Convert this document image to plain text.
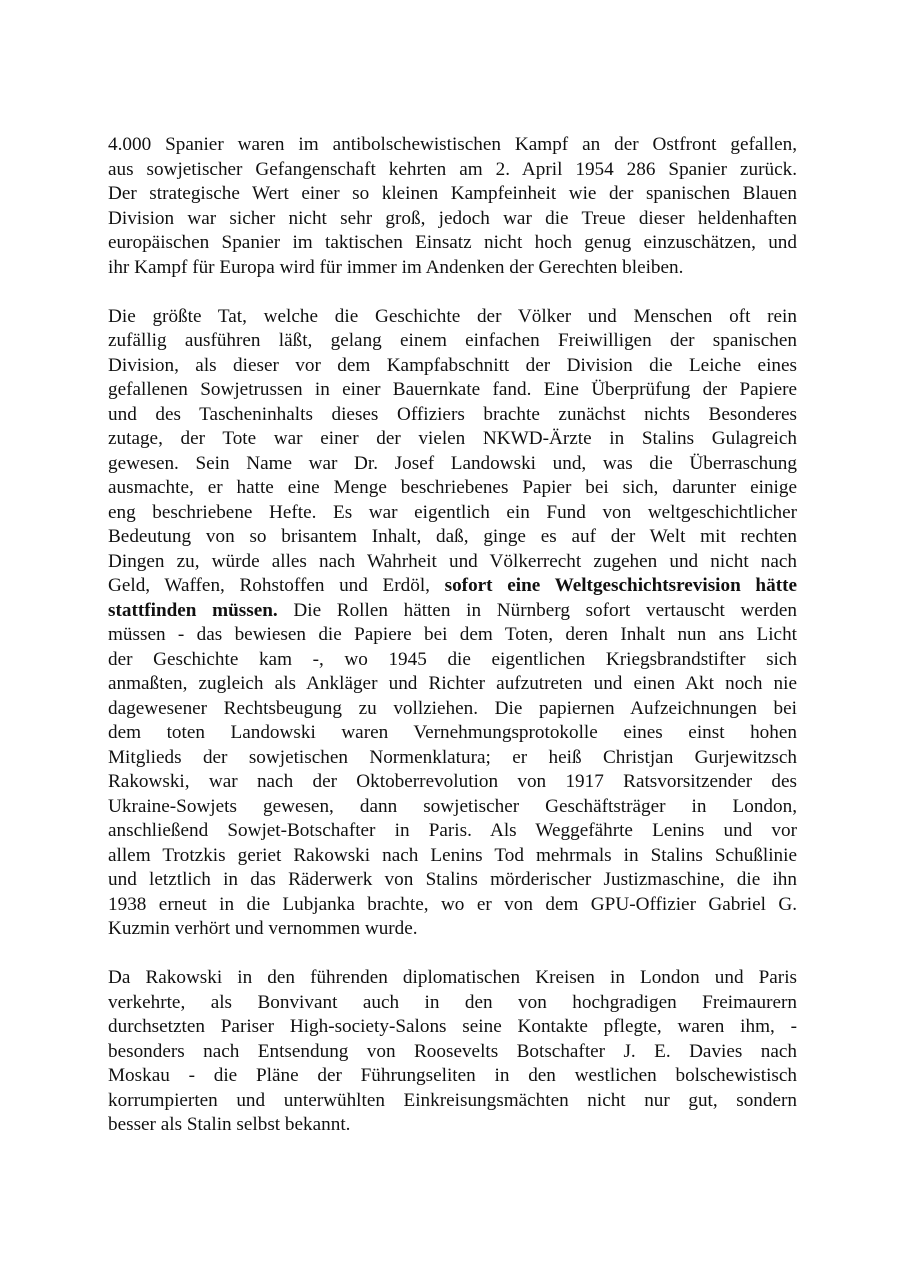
4.000 Spanier waren im antibolschewistischen Kampf an der Ostfront gefallen,
aus sowjetischer Gefangenschaft kehrten am 2. April 1954 286 Spanier zurück.
Der strategische Wert einer so kleinen Kampfeinheit wie der spanischen Blauen
Division war sicher nicht sehr groß, jedoch war die Treue dieser heldenhaften
europäischen Spanier im taktischen Einsatz nicht hoch genug einzuschätzen, und
ihr Kampf für Europa wird für immer im Andenken der Gerechten bleiben.

Die größte Tat, welche die Geschichte der Völker und Menschen oft rein
zufällig ausführen läßt, gelang einem einfachen Freiwilligen der spanischen
Division, als dieser vor dem Kampfabschnitt der Division die Leiche eines
gefallenen Sowjetrussen in einer Bauernkate fand. Eine Überprüfung der Papiere
und des Tascheninhalts dieses Offiziers brachte zunächst nichts Besonderes
zutage, der Tote war einer der vielen NKWD-Ärzte in Stalins Gulagreich
gewesen. Sein Name war Dr. Josef Landowski und, was die Überraschung
ausmachte, er hatte eine Menge beschriebenes Papier bei sich, darunter einige
eng beschriebene Hefte. Es war eigentlich ein Fund von weltgeschichtlicher
Bedeutung von so brisantem Inhalt, daß, ginge es auf der Welt mit rechten
Dingen zu, würde alles nach Wahrheit und Völkerrecht zugehen und nicht nach
Geld, Waffen, Rohstoffen und Erdöl, sofort eine Weltgeschichtsrevision hätte
stattfinden müssen. Die Rollen hätten in Nürnberg sofort vertauscht werden
müssen - das bewiesen die Papiere bei dem Toten, deren Inhalt nun ans Licht
der Geschichte kam -, wo 1945 die eigentlichen Kriegsbrandstifter sich
anmaßten, zugleich als Ankläger und Richter aufzutreten und einen Akt noch nie
dagewesener Rechtsbeugung zu vollziehen. Die papiernen Aufzeichnungen bei
dem toten Landowski waren Vernehmungsprotokolle eines einst hohen
Mitglieds der sowjetischen Normenklatura; er heiß Christjan Gurjewitzsch
Rakowski, war nach der Oktoberrevolution von 1917 Ratsvorsitzender des
Ukraine-Sowjets gewesen, dann sowjetischer Geschäftsträger in London,
anschließend Sowjet-Botschafter in Paris. Als Weggefährte Lenins und vor
allem Trotzkis geriet Rakowski nach Lenins Tod mehrmals in Stalins Schußlinie
und letztlich in das Räderwerk von Stalins mörderischer Justizmaschine, die ihn
1938 erneut in die Lubjanka brachte, wo er von dem GPU-Offizier Gabriel G.
Kuzmin verhört und vernommen wurde.

Da Rakowski in den führenden diplomatischen Kreisen in London und Paris
verkehrte, als Bonvivant auch in den von hochgradigen Freimaurern
durchsetzten Pariser High-society-Salons seine Kontakte pflegte, waren ihm, -
besonders nach Entsendung von Roosevelts Botschafter J. E. Davies nach
Moskau - die Pläne der Führungseliten in den westlichen bolschewistisch
korrumpierten und unterwühlten Einkreisungsmächten nicht nur gut, sondern
besser als Stalin selbst bekannt.
